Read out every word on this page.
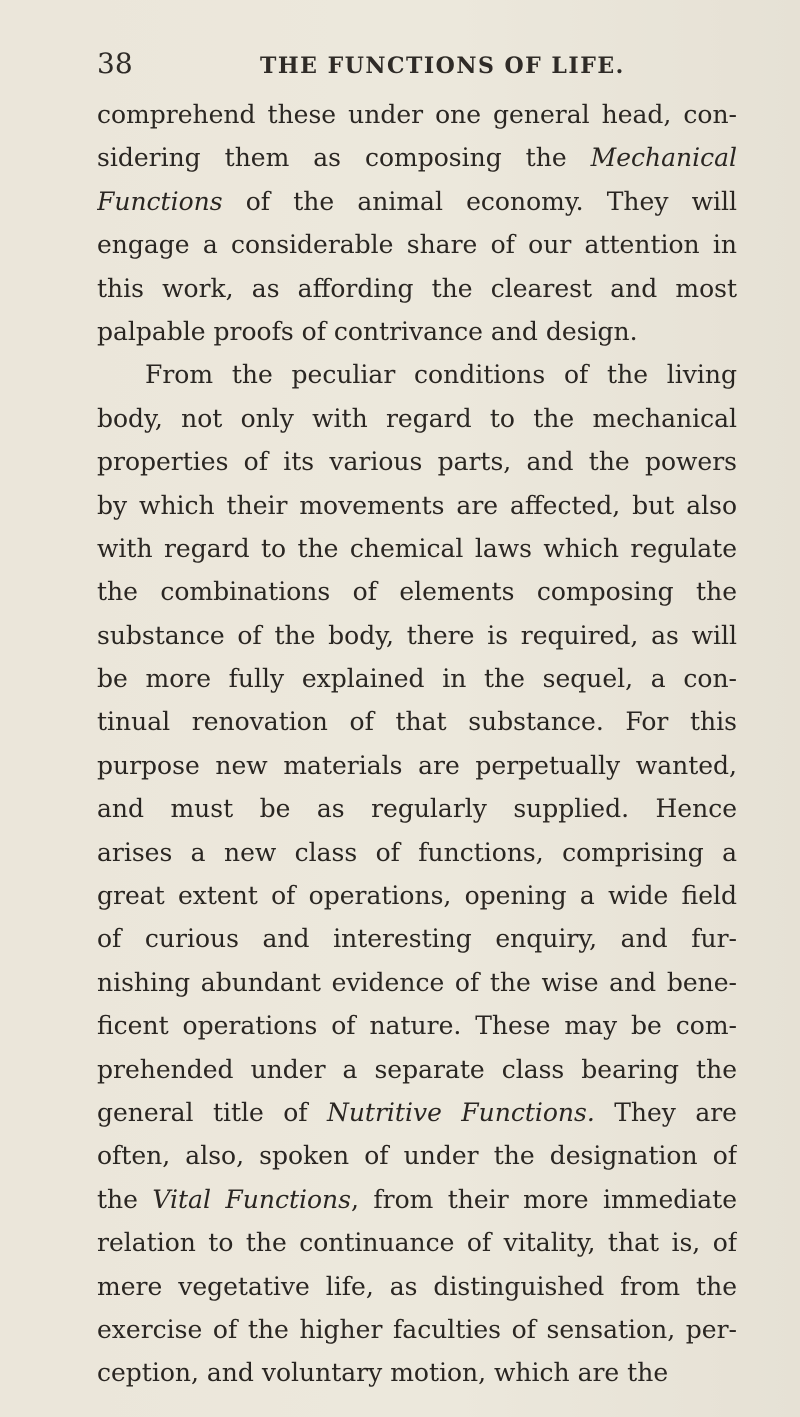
38	THE FUNCTIONS OF LIFE.
comprehend these under one general head, con-
sidering them as composing the Mechanical
Functions of the animal economy. They will
engage a considerable share of our attention in
this work, as affording the clearest and most
palpable proofs of contrivance and design.
From the peculiar conditions of the living
body, not only with regard to the mechanical
properties of its various parts, and the powers
by which their movements are affected, but also
with regard to the chemical laws which regulate
the combinations of elements composing the
substance of the body, there is required, as will
be more fully explained in the sequel, a con-
tinual renovation of that substance. For this
purpose new materials are perpetually wanted,
and must be as regularly supplied. Hence
arises a new class of functions, comprising a
great extent of operations, opening a wide field
of curious and interesting enquiry, and fur-
nishing abundant evidence of the wise and bene-
ficent operations of nature. These may be com-
prehended under a separate class bearing the
general title of Nutritive Functions. They are
often, also, spoken of under the designation of
the Vital Functions, from their more immediate
relation to the continuance of vitality, that is, of
mere vegetative life, as distinguished from the
exercise of the higher faculties of sensation, per-
ception, and voluntary motion, which are the
